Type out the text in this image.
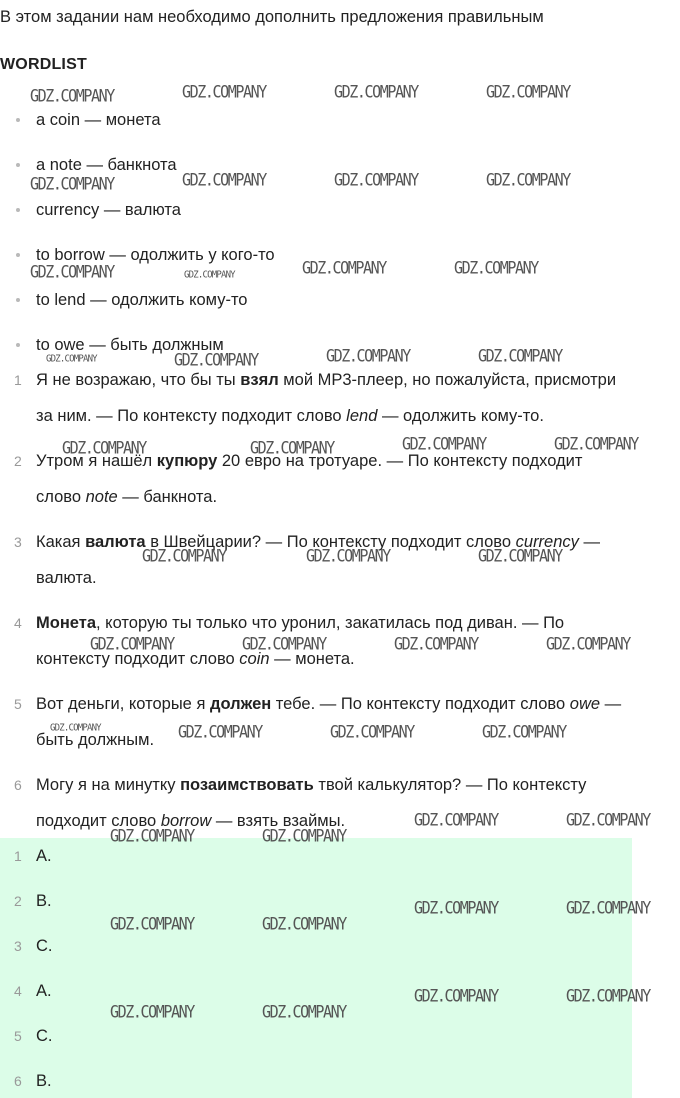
В этом задании нам необходимо дополнить предложения правильным

WORDLIST
a coin — монета
a note — банкнота
currency — валюта
to borrow — одолжить у кого-то
to lend — одолжить кому-то
to owe — быть должным
1 Я не возражаю, что бы ты взял мой MP3-плеер, но пожалуйста, присмотри
за ним. — По контексту подходит слово lend — одолжить кому-то.
2 Утром я нашёл купюру 20 евро на тротуаре. — По контексту подходит
слово note — банкнота.
3 Какая валюта в Швейцарии? — По контексту подходит слово currency —
валюта.
4 Монета, которую ты только что уронил, закатилась под диван. — По
контексту подходит слово coin — монета.
5 Вот деньги, которые я должен тебе. — По контексту подходит слово owe —
быть должным.
6 Могу я на минутку позаимствовать твой калькулятор? — По контексту
подходит слово borrow — взять взаймы.
1 A.
2 B.
3 C.
4 A.
5 C.
6 B.
GDZ.COMPANY	GDZ.COMPANY	GDZ.COMPANY	GDZ.COMPANY
GDZ.COMPANY	GDZ.COMPANY	GDZ.COMPANY	GDZ.COMPANY
GDZ.COMPANY	GDZ.COMPANY	GDZ.COMPANY
GDZ.COMPANY	GDZ.COMPANY	GDZ.COMPANY	GDZ.COMPANY
GDZ.COMPANY	GDZ.COMPANY	GDZ.COMPANY	GDZ.COMPANY
GDZ.COMPANY	GDZ.COMPANY	GDZ.COMPANY
GDZ.COMPANY	GDZ.COMPANY	GDZ.COMPANY	GDZ.COMPANY
GDZ.COMPANY	GDZ.COMPANY	GDZ.COMPANY	GDZ.COMPANY
GDZ.COMPANY	GDZ.COMPANY
GDZ.COMPANY	GDZ.COMPANY
GDZ.COMPANY	GDZ.COMPANY
GDZ.COMPANY	GDZ.COMPANY
GDZ.COMPANY	GDZ.COMPANY
GDZ.COMPANY	GDZ.COMPANY
GDZ.COMPANY
